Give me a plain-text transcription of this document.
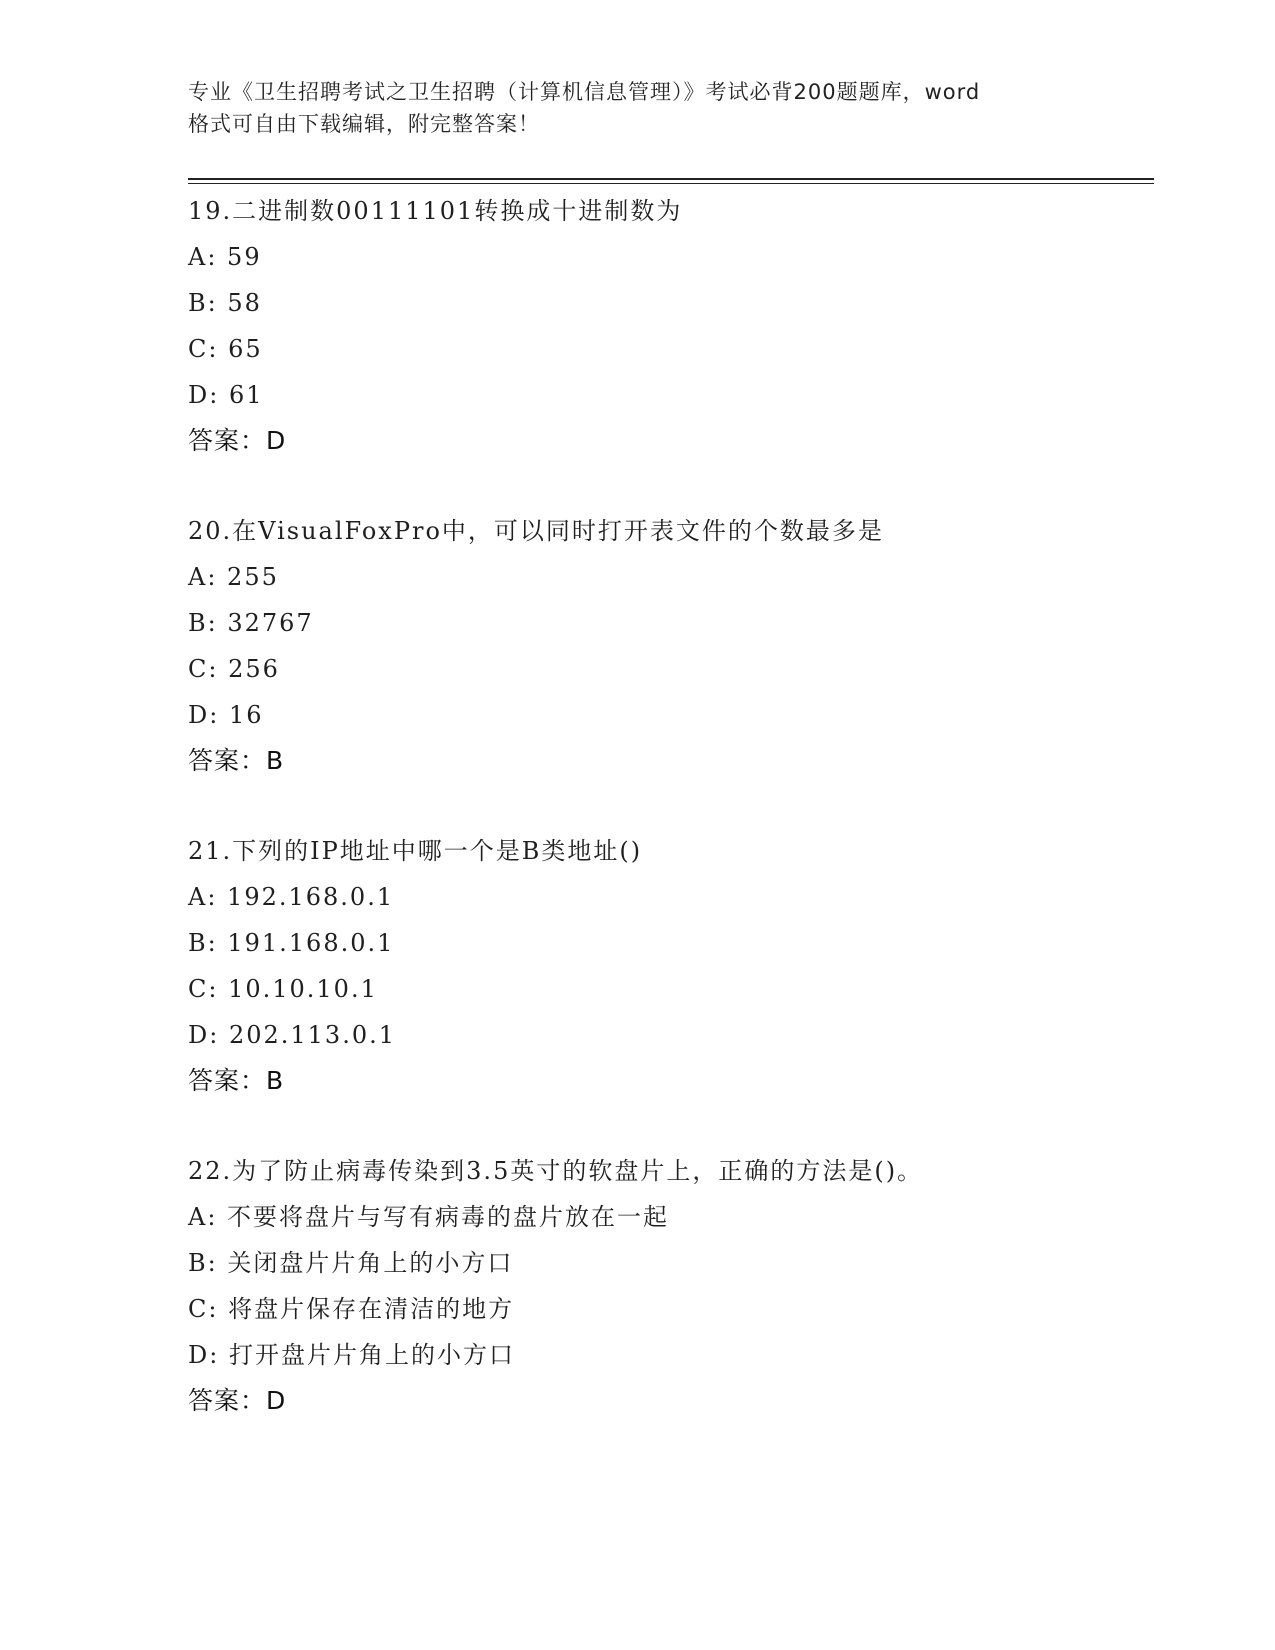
专业《卫生招聘考试之卫生招聘（计算机信息管理）》考试必背200题题库，word
格式可自由下载编辑，附完整答案！
19.二进制数00111101转换成十进制数为
A: 59
B: 58
C: 65
D: 61
答案：D
20.在VisualFoxPro中，可以同时打开表文件的个数最多是
A: 255
B: 32767
C: 256
D: 16
答案：B
21.下列的IP地址中哪一个是B类地址()
A: 192.168.0.1
B: 191.168.0.1
C: 10.10.10.1
D: 202.113.0.1
答案：B
22.为了防止病毒传染到3.5英寸的软盘片上，正确的方法是()。
A: 不要将盘片与写有病毒的盘片放在一起
B: 关闭盘片片角上的小方口
C: 将盘片保存在清洁的地方
D: 打开盘片片角上的小方口
答案：D
